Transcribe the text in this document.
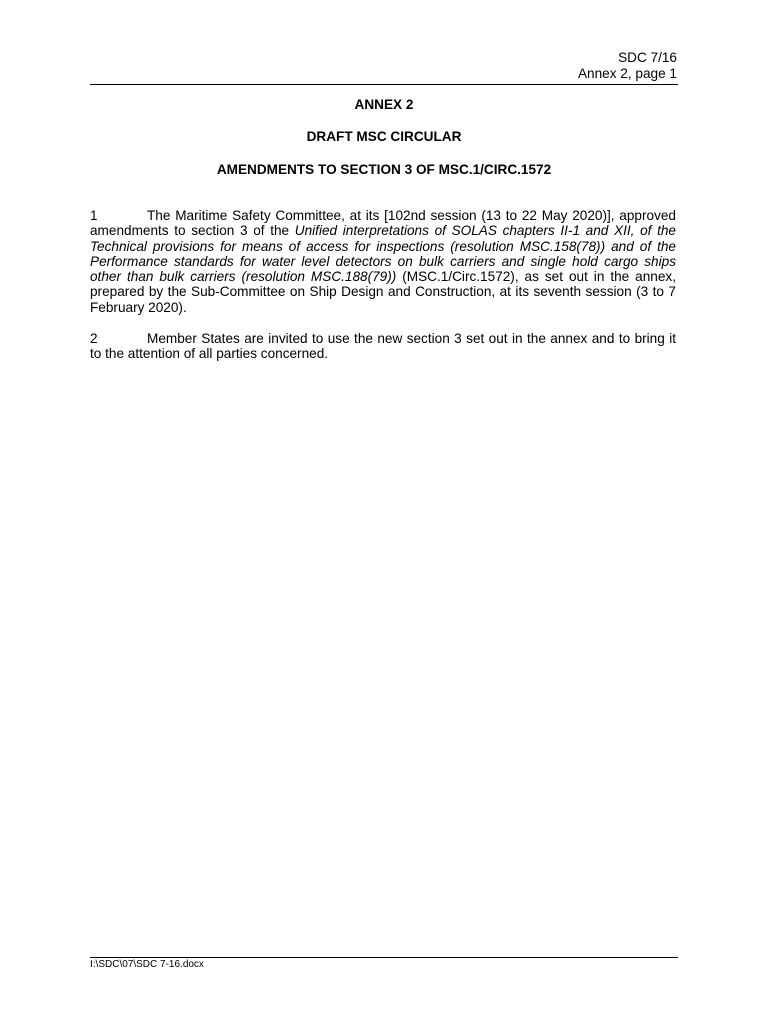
SDC 7/16
Annex 2, page 1
ANNEX 2
DRAFT MSC CIRCULAR
AMENDMENTS TO SECTION 3 OF MSC.1/CIRC.1572
1	The Maritime Safety Committee, at its [102nd session (13 to 22 May 2020)], approved amendments to section 3 of the Unified interpretations of SOLAS chapters II-1 and XII, of the Technical provisions for means of access for inspections (resolution MSC.158(78)) and of the Performance standards for water level detectors on bulk carriers and single hold cargo ships other than bulk carriers (resolution MSC.188(79)) (MSC.1/Circ.1572), as set out in the annex, prepared by the Sub-Committee on Ship Design and Construction, at its seventh session (3 to 7 February 2020).
2	Member States are invited to use the new section 3 set out in the annex and to bring it to the attention of all parties concerned.
I:\SDC\07\SDC 7-16.docx
